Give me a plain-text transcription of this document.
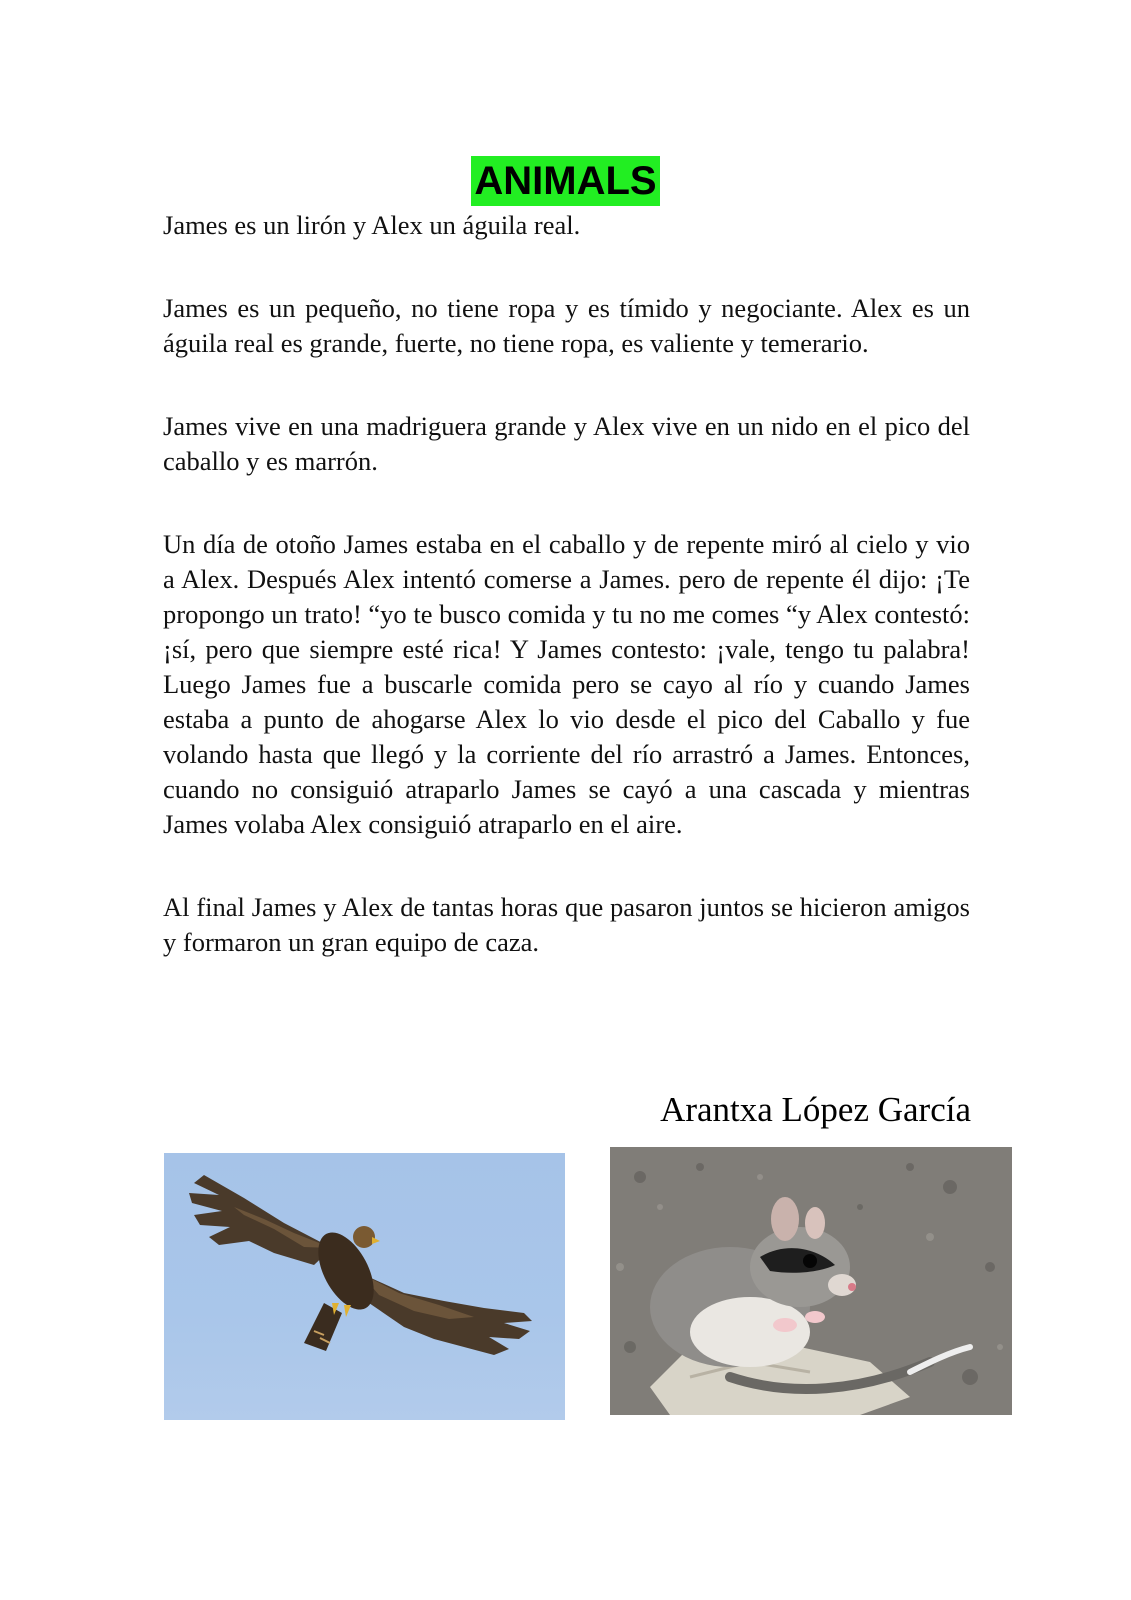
ANIMALS

James es un lirón y Alex un águila real.

James es un pequeño, no tiene ropa y es tímido y negociante. Alex es un águila real es grande, fuerte, no tiene ropa, es valiente y temerario.

James vive en una madriguera grande y Alex vive en un nido en el pico del caballo y es marrón.

Un día de otoño James estaba en el caballo y de repente miró al cielo y vio a Alex. Después Alex intentó comerse a James. pero de repente él dijo: ¡Te propongo un trato! “yo te busco comida y tu no me comes “y Alex contestó: ¡sí, pero que siempre esté rica! Y James contesto: ¡vale, tengo tu palabra! Luego James fue a buscarle comida pero se cayo al río y cuando James estaba a punto de ahogarse Alex lo vio desde el pico del Caballo y fue volando hasta que llegó y la corriente del río arrastró a James. Entonces, cuando no consiguió atraparlo James se cayó a una cascada y mientras James volaba Alex consiguió atraparlo en el aire.

Al final James y Alex de tantas horas que pasaron juntos se hicieron amigos y formaron un gran equipo de caza.

Arantxa López García
